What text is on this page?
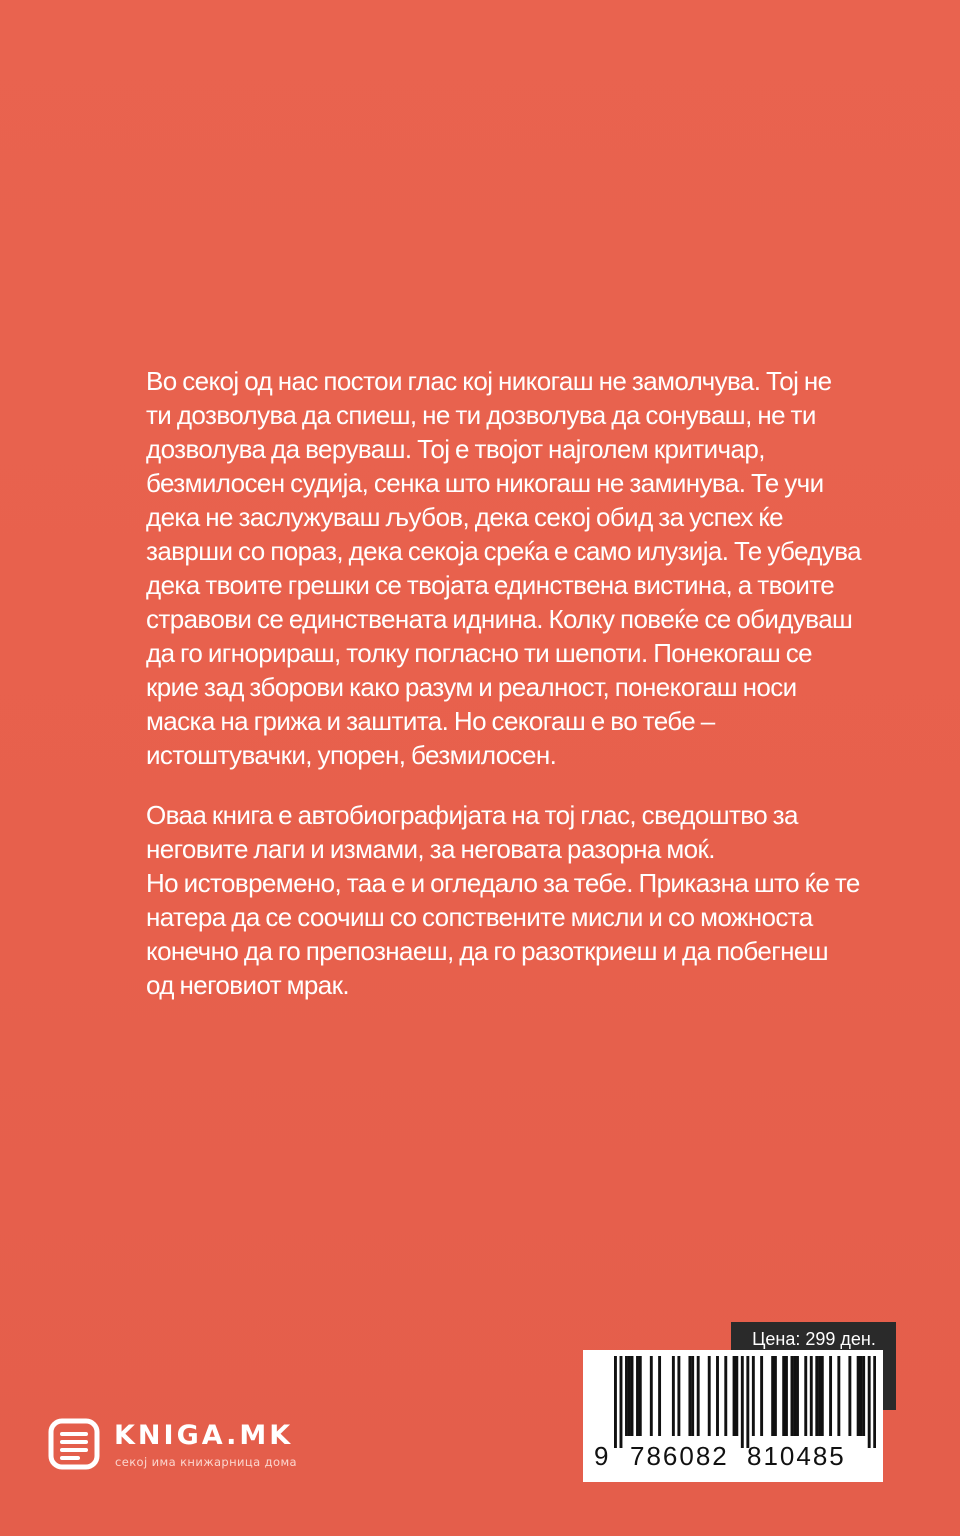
Во секој од нас постои глас кој никогаш не замолчува. Тој не
ти дозволува да спиеш, не ти дозволува да сонуваш, не ти
дозволува да веруваш. Тој е твојот најголем критичар,
безмилосен судија, сенка што никогаш не заминува. Те учи
дека не заслужуваш љубов, дека секој обид за успех ќе
заврши со пораз, дека секоја среќа е само илузија. Те убедува
дека твоите грешки се твојата единствена вистина, а твоите
стравови се единствената иднина. Колку повеќе се обидуваш
да го игнорираш, толку погласно ти шепоти. Понекогаш се
крие зад зборови како разум и реалност, понекогаш носи
маска на грижа и заштита. Но секогаш е во тебе –
истоштувачки, упорен, безмилосен.
Оваа книга е автобиографијата на тој глас, сведоштво за
неговите лаги и измами, за неговата разорна моќ.
Но истовремено, таа е и огледало за тебе. Приказна што ќе те
натера да се соочиш со сопствените мисли и со можноста
конечно да го препознаеш, да го разоткриеш и да побегнеш
од неговиот мрак.
KNIGA.MK
секој има книжарница дома
Цена: 299 ден.
9 786082 810485
